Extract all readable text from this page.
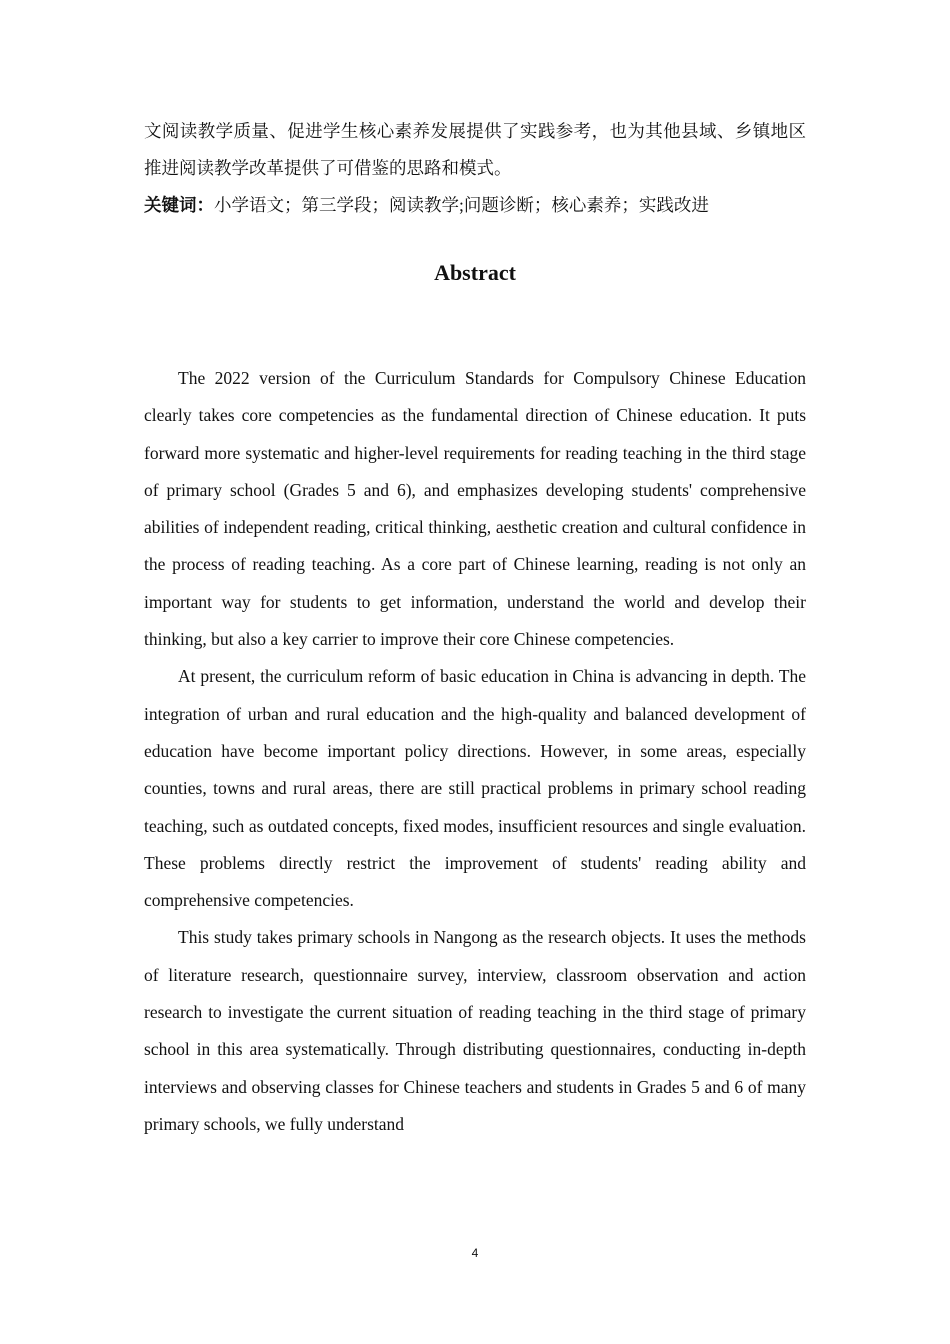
文阅读教学质量、促进学生核心素养发展提供了实践参考，也为其他县域、乡镇地区推进阅读教学改革提供了可借鉴的思路和模式。

关键词：小学语文；第三学段；阅读教学;问题诊断；核心素养；实践改进

Abstract

The 2022 version of the Curriculum Standards for Compulsory Chinese Education clearly takes core competencies as the fundamental direction of Chinese education. It puts forward more systematic and higher-level requirements for reading teaching in the third stage of primary school (Grades 5 and 6), and emphasizes developing students' comprehensive abilities of independent reading, critical thinking, aesthetic creation and cultural confidence in the process of reading teaching. As a core part of Chinese learning, reading is not only an important way for students to get information, understand the world and develop their thinking, but also a key carrier to improve their core Chinese competencies.

At present, the curriculum reform of basic education in China is advancing in depth. The integration of urban and rural education and the high-quality and balanced development of education have become important policy directions. However, in some areas, especially counties, towns and rural areas, there are still practical problems in primary school reading teaching, such as outdated concepts, fixed modes, insufficient resources and single evaluation. These problems directly restrict the improvement of students' reading ability and comprehensive competencies.

This study takes primary schools in Nangong as the research objects. It uses the methods of literature research, questionnaire survey, interview, classroom observation and action research to investigate the current situation of reading teaching in the third stage of primary school in this area systematically. Through distributing questionnaires, conducting in-depth interviews and observing classes for Chinese teachers and students in Grades 5 and 6 of many primary schools, we fully understand

4
